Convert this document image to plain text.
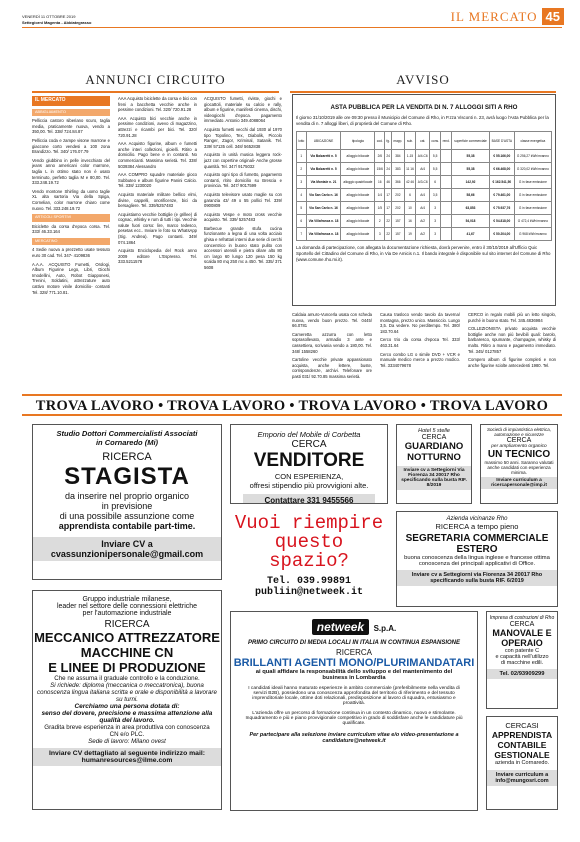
VENERDÌ 11 OTTOBRE 2019
Settegiorni Magenta - Abbiategrasso	IL MERCATO 45
ANNUNCI CIRCUITO
IL MERCATO
ABBIGLIAMENTO

Pelliccia castoro siberiano scuro, taglia media, praticamente nuova, vendo a 350,00. Tel. 338/ 724.84.87

Pelliccia coda e zampe visone marrone e giaccone corto vendesi a 100 zona Brandizzo. Tel. 340/ 176.07.79

Vendo giubbino in pelle invecchiato del jeans anno americani color marrone, taglia L in ottimo stato non è usato terminuto, perfetto taglia M e 80,00. Tel. 333.248.19.72

Vendo montone Shirling da uomo taglie XL alta sartoria Via della Spiga, Cornelian, color marrone chiaro come nuovo. Tel. 333.248.19.72

ARTICOLI SPORTIVI

Biciclette da corsa d'epoca corsa. Tel. 333/ 46.33.164

MERCATINO

4 Sedie nuova a prezzetto usate tessuto euro 30 cad. Tel. 347- 4109836

A.A.A. ACQUISTO Fumetti, Orologi, Album Figurine Lego, Libri, Giochi Imodellini, Auto, Robot Giapponesi, Trenini, Soldatini, attrezzature auto cattivo motore vinile domicilio- contanti Tel. 328/ 771.10.81.

AAA Acquisto biciclette da corsa e bici con freni a bacchetta vecchie anche in pessime condizioni. Tel. 320/ 720.91.28

AAA Acquisto bici vecchie anche in pessime condizioni, avevo di magazzino, attrezzi e ricambi per bici. Tel. 320/ 720.91.28

AAA Acquisto figurine, album e fumetti anche interi collezioni, gioielli. Ritiro a domicilio. Pago bene e in contanti. No commercianti. Massima serietà. Tel. 338/ 5039384 Alessandro

AAA COMPRO squadre materiale gioco Subbuteo e album figurine Panini Calcio. Tel. 338/ 1230020

Acquisto materiale militare bellico elmi, divise, cappelli, onorificenze, bici da bersagliere. Tel. 339/5257483

Acquistiamo vecchie bottiglie (e grillee) di cognac, whisky e rum di tutti i tipi. Vecchie valute fuori corso: lire, marco tedesco, pesetas ecc.. Inviare le foto su WhatsApp (Sig. Andrea). Pago contanti. 349/ 074.1864

Acquisto Enciclopedia del Rock anno 2009 editore L'Espresso. Tel. 333.5211578

ACQUISTO fumetti, riviste, giochi e giocattoli, materiale su calcio e rally, album e figurine, manifesti cinema, dischi, videogiochi d'epoca. pagamento immediato. Antonio 349.4088064

Acquisto fumetti vecchi dal 1930 al 1970 tipo Topolino, Tex, Diabolik, Piccolo Ranger, Zagor, Kriminal, Satanik. Tel. 339/ 57135 cell. 348/ 5652838

Acquisto in unità musica leggera rock- jazz con copertine originali- Anche grosse quantità. Tel. 347/ 9175032

Acquisto ogni tipo di fumetto, pagamento contanti, ritiro domicilio su Brescia e provincia. Tel. 347/ 9017599

Acquisto televisore usato maglie su con garanzia 43/ 49 o 55 pollici Tel. 339/ 0900809

Acquisto Vespe e moto cross vecchie acquisto. Tel. 339/ 5257483

Barbecue grande stufa cucina funzionante a legna di una volta acciaio ghisa e refrattari interni due serie di cerchi concentrico in buono stato pulito con accessori utensili e pietra ollare alto 80 cm largo 60 lungo 120 pesa 150 kg scalda 80 mq 250 mc a 450. Tel. 335/ 371 5608

AVVISO
ASTA PUBBLICA PER LA VENDITA DI N. 7 ALLOGGI SITI A RHO
Il giorno 31/10/2019 alle ore 09:30 presso il Municipio del Comune di Rho, in P.zza Visconti n. 23, avrà luogo l'Asta Pubblica per la vendita di n. 7 alloggi liberi, di proprietà del Comune di Rho.
lotto	UBICAZIONE	tipologia	cod.	fg.	mapp.	sub.	cat.	cons.	rend.	superficie commerciale	BASE D'ASTA	classe energetica
1	Via Balzaretti n. 5	alloggio bilocale	2/6	24	384	1-15	A/4-C6	5,5		55,38	€ 55.166,00	G 256,27 kWh/m²anno
2	Via Balzaretti n. 5	alloggio bilocale	15/6	24	383	11 16	A/4	5,5		55,38	€ 66.468,00	G 320,02 kWh/m²anno
3	Via Montale n. 21	alloggio quadrilocale	16	46	366	42 46	A/3-C6	6		142,92	€ 162.541,50	G in fase emissione
4	Via San Carlo n. 16	alloggio bilocale	1/4	17	202	6	A/4	3,5		58,66	€ 79.461,00	G in fase emissione
5	Via San Carlo n. 16	alloggio bilocale	1/5	17	202	10	A/4	3		63,853	€ 75.937,76	G in fase emissione
6	Via Villafranca n. 18	alloggio bilocale	2	22	157	16	A/2	3		54,018	€ 54.818,00	G 472,4 kWh/m²anno
7	Via Villafranca n. 18	alloggio bilocale	3	22	157	19	A/2	3		41,67	€ 50.204,00	G 968 kWh/m²anno
La domanda di partecipazione, con allegata la documentazione richiesta, dovrà pervenire, entro il 30/10/2019 all'Ufficio Quic Sportello del Cittadino del Comune di Rho, in Via De Amicis n.1. Il bando integrale è disponibile sul sito internet del Comune di Rho (www.comune.rho.mi.it).

Caldaia amuro-Vuncerla usata con scheda nuova, vendo buon prezzo. Tel. 0445/ 66.0781

Cameretta azzurra con letto soprasollevato, armadio 3 ante e cassettiera, scrivania vendo a 180,00. Tel. 348/ 1558260

Cartoline vecchie private appassionato acquista, anche lettere, buste, corrispondenze, archivi. Telefonare ore pasti 031/ 92.70.85 massima serietà.

Causa trasloco vendo tavolo da taverna/ montagna, prezzo unico. Massiccio. Lungo 3,5. Da vedere. No perditempo. Tel. 380/ 183.70.64

Cerco trio da corsa d'epoca Tel. 333/ 463.31.64

Cerco combo LG o simile DVD + VCR e manuale medico merce a prezzo modico. Tel. 3334079678

CERCO in regalo mobili più un letto singolo, purché in buono stato. Tel. 345.4836984

COLLEZIONISTA privato acquista vecchie bottiglie anche non più bevibili quali: barolo, barbaresco, spumante, champagne, whisky di malto. Ritiro a mano e pagamento immediato. Tel. 345/ 0127857

Compero album di figurine completi e non anche figurine sciolte antecedenti 1980. Tel.

TROVA LAVORO • TROVA LAVORO • TROVA LAVORO • TROVA LAVORO
Studio Dottori Commercialisti Associati
in Cornaredo (Mi)
RICERCA
STAGISTA
da inserire nel proprio organico
in previsione
di una possibile assunzione come
apprendista contabile part-time.
Inviare CV a
cvassunzionipersonale@gmail.com
Emporio del Mobile di Corbetta
CERCA
VENDITORE
CON ESPERIENZA,
offresi stipendio più provvigioni alte.
Contattare 331 9455566
Hotel 5 stelle
CERCA
GUARDIANO
NOTTURNO
Inviare cv a Settegiorni Via Fiorenza 34 20017 Rho specificando sulla busta RIF. 8/2019
Società di impiantistica elettrica, automazione e sicurezze
CERCA
per ampliamento organico
UN TECNICO
massimo 50 anni. Saranno valutati anche candidati con esperienza minima.
Inviare curriculum a ricercapersonale@imp.it
Vuoi riempire
questo
spazio?
Tel. 039.99891
publiin@netweek.it
Azienda vicinanze Rho
RICERCA a tempo pieno
SEGRETARIA COMMERCIALE
ESTERO
buona conoscenza della lingua inglese e francese ottima conoscenza dei principali applicativi di Office.
Inviare cv a Settegiorni via Fiorenza 34 20017 Rho specificando sulla busta RIF. 6/2019
Gruppo industriale milanese,
leader nel settore delle connessioni elettriche
per l'automazione industriale
RICERCA
MECCANICO ATTREZZATORE
MACCHINE CN
E LINEE DI PRODUZIONE
Che ne assuma il graduale controllo e la conduzione.
Si richiede: diploma (meccanica o meccatronica), buona conoscenza lingua italiana scritta e orale e disponibilità a lavorare su turni.
Cerchiamo una persona dotata di:
senso del dovere, precisione e massima attenzione alla qualità del lavoro.
Gradita breve esperienza in area produttiva con conoscenza CN e/o PLC.
Sede di lavoro: Milano ovest
Inviare CV dettagliato al seguente indirizzo mail: humanresources@ilme.com
netweek S.p.A.
PRIMO CIRCUITO DI MEDIA LOCALI IN ITALIA IN CONTINUA ESPANSIONE
RICERCA
BRILLANTI AGENTI MONO/PLURIMANDATARI
ai quali affidare la responsabilità dello sviluppo e del mantenimento del business in Lombardia
I candidati ideali hanno maturato esperienze in ambito commerciale (preferibilmente nella vendita di servizi B2B), possiedono una conoscenza approfondita del territorio di riferimento e del tessuto imprenditoriale locale, ottime doti relazionali, predisposizione al lavoro di squadra, entusiasmo e proattività.
L'azienda offre un percorso di formazione continua in un contesto dinamico, nuovo e stimolante. Inquadramento e più e piano provvigionale competitivo in grado di soddisfare anche le candidature più qualificate.
Per partecipare alla selezione inviare curriculum vitae e/o video-presentazione a candidature@netweek.it
Impresa di costruzioni di Rho
CERCA
MANOVALE E
OPERAIO
con patente C
e capacità nell'utilizzo
di macchine edili.
Tel. 02/93909299
CERCASI
APPRENDISTA
CONTABILE
GESTIONALE
azienda in Cornaredo.
Inviare curriculum a info@mungosri.com
